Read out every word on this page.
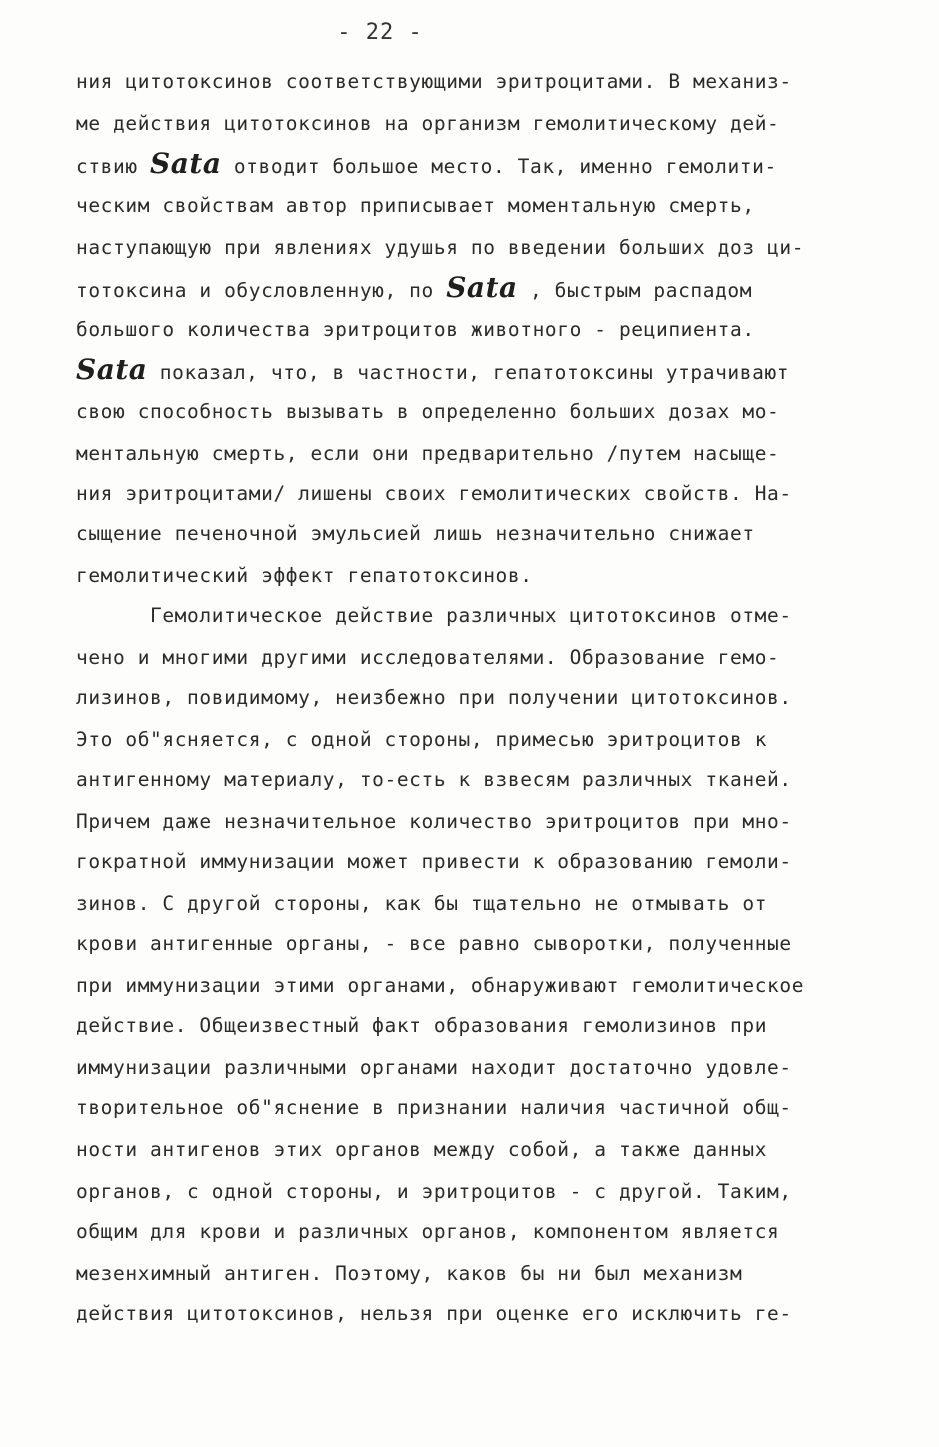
- 22 -
ния цитотоксинов соответствующими эритроцитами. В механиз-
ме действия цитотоксинов на организм гемолитическому дей-
ствию Sata отводит большое место. Так, именно гемолити-
ческим свойствам автор приписывает моментальную смерть,
наступающую при явлениях удушья по введении больших доз ци-
тотоксина и обусловленную, по Sata , быстрым распадом
большого количества эритроцитов животного - реципиента.
Sata показал, что, в частности, гепатотоксины утрачивают
свою способность вызывать в определенно больших дозах мо-
ментальную смерть, если они предварительно /путем насыще-
ния эритроцитами/ лишены своих гемолитических свойств. На-
сыщение печеночной эмульсией лишь незначительно снижает
гемолитический эффект гепатотоксинов.
Гемолитическое действие различных цитотоксинов отме-
чено и многими другими исследователями. Образование гемо-
лизинов, повидимому, неизбежно при получении цитотоксинов.
Это об"ясняется, с одной стороны, примесью эритроцитов к
антигенному материалу, то-есть к взвесям различных тканей.
Причем даже незначительное количество эритроцитов при мно-
гократной иммунизации может привести к образованию гемоли-
зинов. С другой стороны, как бы тщательно не отмывать от
крови антигенные органы, - все равно сыворотки, полученные
при иммунизации этими органами, обнаруживают гемолитическое
действие. Общеизвестный факт образования гемолизинов при
иммунизации различными органами находит достаточно удовле-
творительное об"яснение в признании наличия частичной общ-
ности антигенов этих органов между собой, а также данных
органов, с одной стороны, и эритроцитов - с другой. Таким,
общим для крови и различных органов, компонентом является
мезенхимный антиген. Поэтому, каков бы ни был механизм
действия цитотоксинов, нельзя при оценке его исключить ге-
